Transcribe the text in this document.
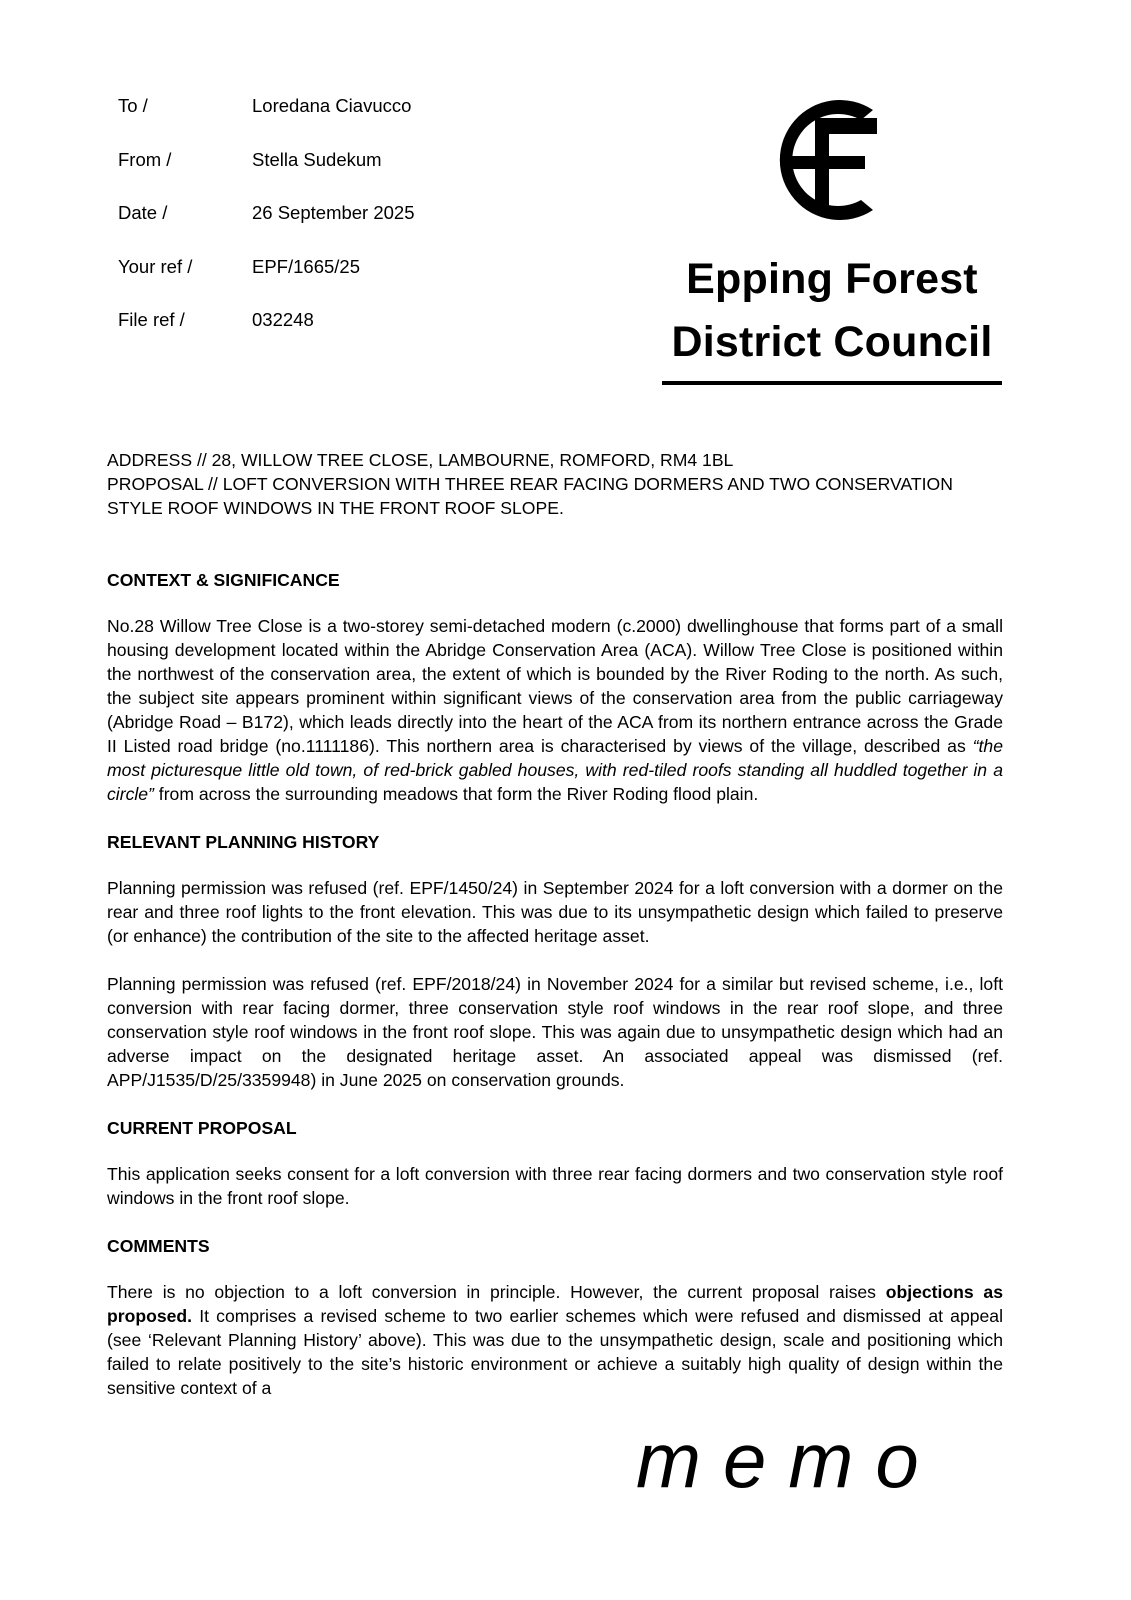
To /	Loredana Ciavucco
From /	Stella Sudekum
Date /	26 September 2025
Your ref /	EPF/1665/25
File ref /	032248
Epping Forest
District Council

ADDRESS // 28, WILLOW TREE CLOSE, LAMBOURNE, ROMFORD, RM4 1BL
PROPOSAL // LOFT CONVERSION WITH THREE REAR FACING DORMERS AND TWO CONSERVATION STYLE ROOF WINDOWS IN THE FRONT ROOF SLOPE.

CONTEXT & SIGNIFICANCE

No.28 Willow Tree Close is a two-storey semi-detached modern (c.2000) dwellinghouse that forms part of a small housing development located within the Abridge Conservation Area (ACA). Willow Tree Close is positioned within the northwest of the conservation area, the extent of which is bounded by the River Roding to the north. As such, the subject site appears prominent within significant views of the conservation area from the public carriageway (Abridge Road – B172), which leads directly into the heart of the ACA from its northern entrance across the Grade II Listed road bridge (no.1111186). This northern area is characterised by views of the village, described as “the most picturesque little old town, of red-brick gabled houses, with red-tiled roofs standing all huddled together in a circle” from across the surrounding meadows that form the River Roding flood plain.

RELEVANT PLANNING HISTORY

Planning permission was refused (ref. EPF/1450/24) in September 2024 for a loft conversion with a dormer on the rear and three roof lights to the front elevation. This was due to its unsympathetic design which failed to preserve (or enhance) the contribution of the site to the affected heritage asset.

Planning permission was refused (ref. EPF/2018/24) in November 2024 for a similar but revised scheme, i.e., loft conversion with rear facing dormer, three conservation style roof windows in the rear roof slope, and three conservation style roof windows in the front roof slope. This was again due to unsympathetic design which had an adverse impact on the designated heritage asset. An associated appeal was dismissed (ref. APP/J1535/D/25/3359948) in June 2025 on conservation grounds.

CURRENT PROPOSAL

This application seeks consent for a loft conversion with three rear facing dormers and two conservation style roof windows in the front roof slope.

COMMENTS

There is no objection to a loft conversion in principle. However, the current proposal raises objections as proposed. It comprises a revised scheme to two earlier schemes which were refused and dismissed at appeal (see ‘Relevant Planning History’ above). This was due to the unsympathetic design, scale and positioning which failed to relate positively to the site’s historic environment or achieve a suitably high quality of design within the sensitive context of a

memo
